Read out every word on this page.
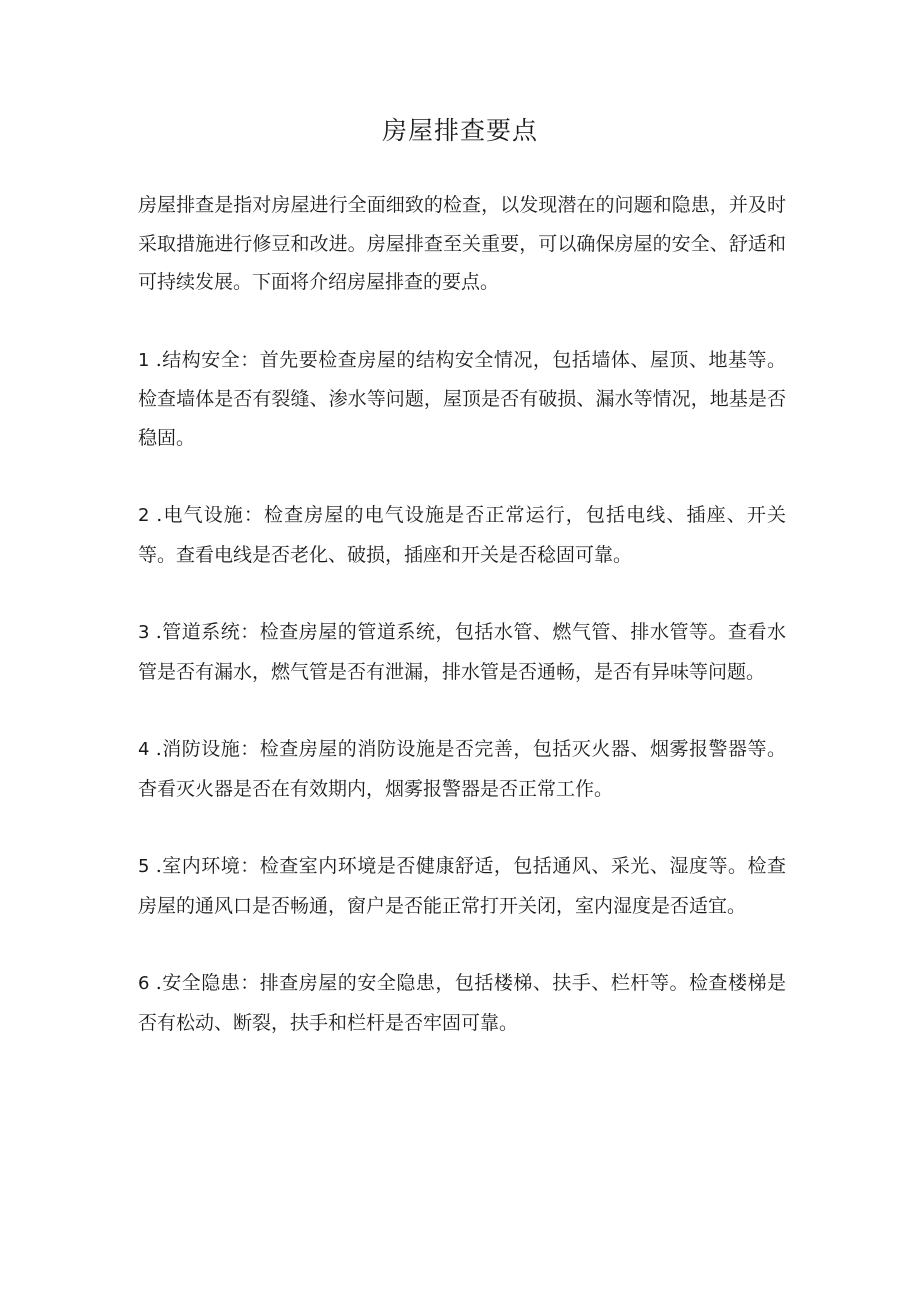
房屋排查要点

房屋排查是指对房屋进行全面细致的检查，以发现潜在的问题和隐患，并及时采取措施进行修豆和改进。房屋排查至关重要，可以确保房屋的安全、舒适和可持续发展。下面将介绍房屋排查的要点。

1 .结构安全：首先要检查房屋的结构安全情况，包括墙体、屋顶、地基等。检查墙体是否有裂缝、渗水等问题，屋顶是否有破损、漏水等情况，地基是否稳固。

2 .电气设施：检查房屋的电气设施是否正常运行，包括电线、插座、开关等。查看电线是否老化、破损，插座和开关是否稔固可靠。

3 .管道系统：检查房屋的管道系统，包括水管、燃气管、排水管等。查看水管是否有漏水，燃气管是否有泄漏，排水管是否通畅，是否有异味等问题。

4 .消防设施：检查房屋的消防设施是否完善，包括灭火器、烟雾报警器等。杳看灭火器是否在有效期内，烟雾报警器是否正常工作。

5 .室内环境：检查室内环境是否健康舒适，包括通风、采光、湿度等。检查房屋的通风口是否畅通，窗户是否能正常打开关闭，室内湿度是否适宜。

6 .安全隐患：排查房屋的安全隐患，包括楼梯、扶手、栏杆等。检查楼梯是否有松动、断裂，扶手和栏杆是否牢固可靠。
